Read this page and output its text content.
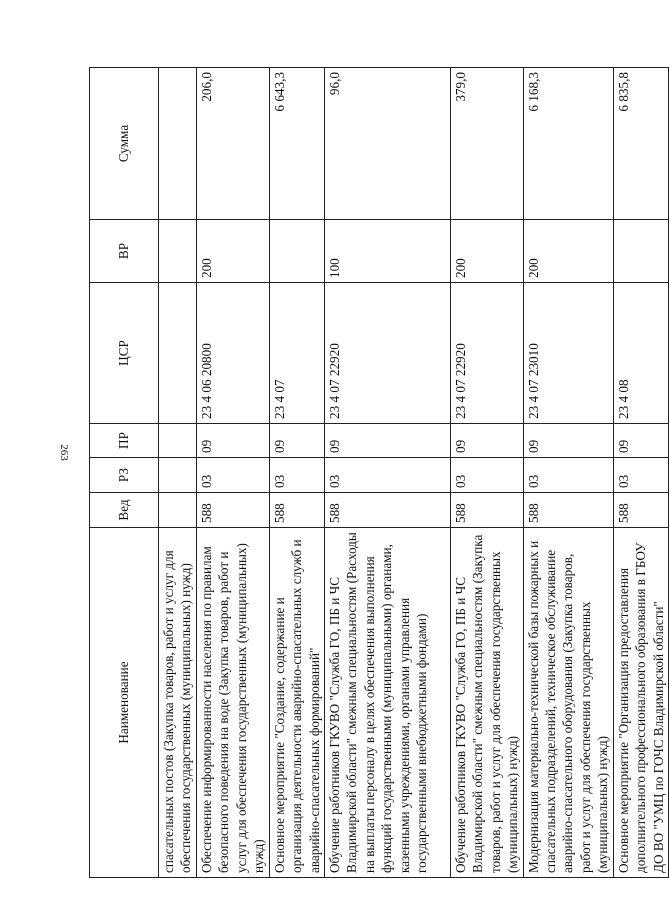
263
Наименование	Вед	РЗ	ПР	ЦСР	ВР	Сумма
спасательных постов (Закупка товаров, работ и услуг для обеспечения государственных (муниципальных) нужд)						
Обеспечение информированности населения по правилам безопасного поведения на воде (Закупка товаров, работ и услуг для обеспечения государственных (муниципальных) нужд)	588	03	09	23 4 06 20800	200	206,0
Основное мероприятие "Создание, содержание и организация деятельности аварийно-спасательных служб и аварийно-спасательных формирований"	588	03	09	23 4 07		6 643,3
Обучение работников ГКУВО "Служба ГО, ПБ и ЧС Владимирской области" смежным специальностям (Расходы на выплаты персоналу в целях обеспечения выполнения функций государственными (муниципальными) органами, казенными учреждениями, органами управления государственными внебюджетными фондами)	588	03	09	23 4 07 22920	100	96,0
Обучение работников ГКУВО "Служба ГО, ПБ и ЧС Владимирской области" смежным специальностям (Закупка товаров, работ и услуг для обеспечения государственных (муниципальных) нужд)	588	03	09	23 4 07 22920	200	379,0
Модернизация материально-технической базы пожарных и спасательных подразделений, техническое обслуживание аварийно-спасательного оборудования (Закупка товаров, работ и услуг для обеспечения государственных (муниципальных) нужд)	588	03	09	23 4 07 23010	200	6 168,3
Основное мероприятие "Организация предоставления дополнительного профессионального образования в ГБОУ ДО ВО "УМЦ по ГОЧС Владимирской области"	588	03	09	23 4 08		6 835,8
